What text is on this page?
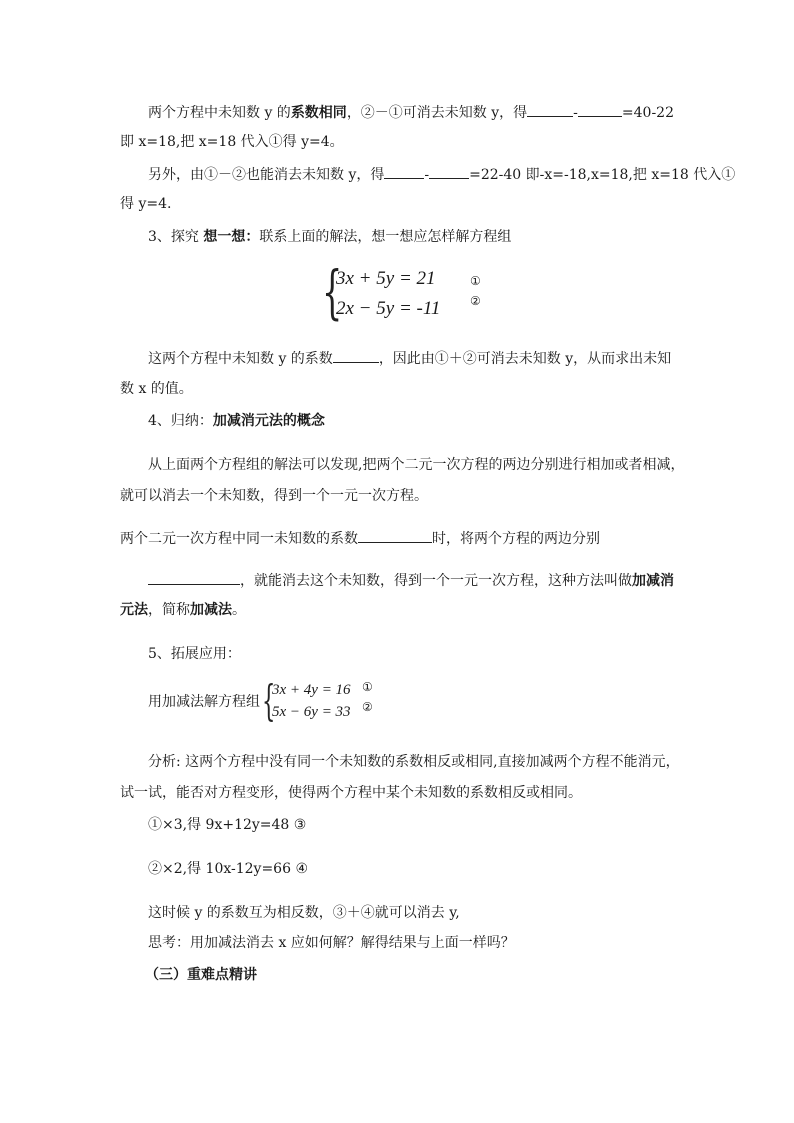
两个方程中未知数 y 的系数相同，②－①可消去未知数 y，得	-	=40-22
即 x=18,把 x=18 代入①得 y=4。
另外，由①－②也能消去未知数 y，得	-	=22-40 即-x=-18,x=18,把 x=18 代入①
得 y=4.
3、探究 想一想：联系上面的解法，想一想应怎样解方程组
{
3x + 5y = 21
2x − 5y = -11
①
②
这两个方程中未知数 y 的系数	，因此由①＋②可消去未知数 y，从而求出未知
数 x 的值。
4、归纳：加减消元法的概念
从上面两个方程组的解法可以发现,把两个二元一次方程的两边分别进行相加或者相减，
就可以消去一个未知数，得到一个一元一次方程。
两个二元一次方程中同一未知数的系数	时，将两个方程的两边分别
，就能消去这个未知数，得到一个一元一次方程，这种方法叫做加减消
元法，简称加减法。
5、拓展应用：
用加减法解方程组 {
3x + 4y = 16
5x − 6y = 33
①
②
分析: 这两个方程中没有同一个未知数的系数相反或相同,直接加减两个方程不能消元，
试一试，能否对方程变形，使得两个方程中某个未知数的系数相反或相同。
①×3,得 9x+12y=48 ③
②×2,得 10x-12y=66 ④
这时候 y 的系数互为相反数，③＋④就可以消去 y,
思考：用加减法消去 x 应如何解？解得结果与上面一样吗？
（三）重难点精讲
